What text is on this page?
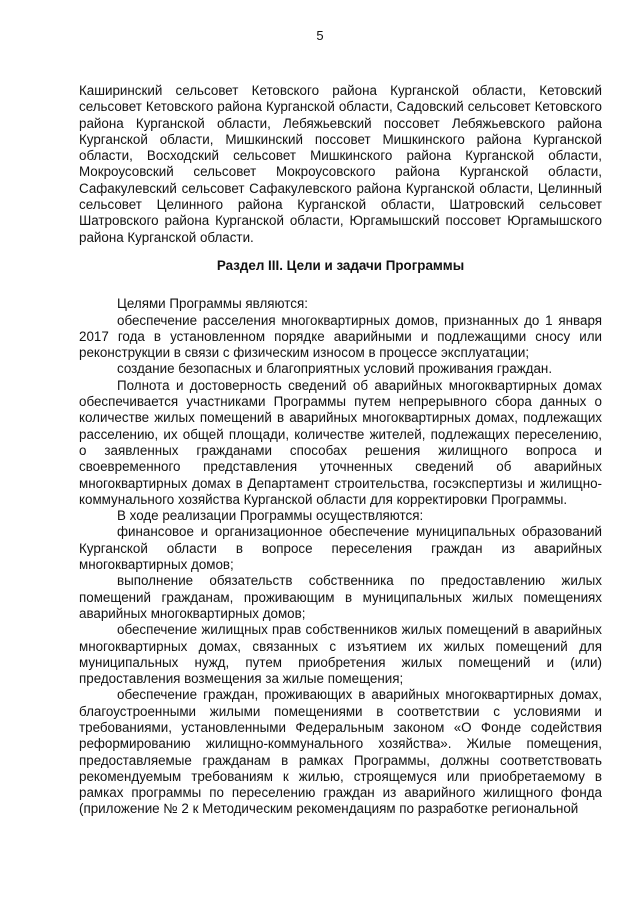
5

Каширинский сельсовет Кетовского района Курганской области, Кетовский сельсовет Кетовского района Курганской области, Садовский сельсовет Кетовского района Курганской области, Лебяжьевский поссовет Лебяжьевского района Курганской области, Мишкинский поссовет Мишкинского района Курганской области, Восходский сельсовет Мишкинского района Курганской области, Мокроусовский сельсовет Мокроусовского района Курганской области, Сафакулевский сельсовет Сафакулевского района Курганской области, Целинный сельсовет Целинного района Курганской области, Шатровский сельсовет Шатровского района Курганской области, Юргамышский поссовет Юргамышского района Курганской области.

Раздел III. Цели и задачи Программы

Целями Программы являются:

обеспечение расселения многоквартирных домов, признанных до 1 января 2017 года в установленном порядке аварийными и подлежащими сносу или реконструкции в связи с физическим износом в процессе эксплуатации;

создание безопасных и благоприятных условий проживания граждан.

Полнота и достоверность сведений об аварийных многоквартирных домах обеспечивается участниками Программы путем непрерывного сбора данных о количестве жилых помещений в аварийных многоквартирных домах, подлежащих расселению, их общей площади, количестве жителей, подлежащих переселению, о заявленных гражданами способах решения жилищного вопроса и своевременного представления уточненных сведений об аварийных многоквартирных домах в Департамент строительства, госэкспертизы и жилищно-коммунального хозяйства Курганской области для корректировки Программы.

В ходе реализации Программы осуществляются:

финансовое и организационное обеспечение муниципальных образований Курганской области в вопросе переселения граждан из аварийных многоквартирных домов;

выполнение обязательств собственника по предоставлению жилых помещений гражданам, проживающим в муниципальных жилых помещениях аварийных многоквартирных домов;

обеспечение жилищных прав собственников жилых помещений в аварийных многоквартирных домах, связанных с изъятием их жилых помещений для муниципальных нужд, путем приобретения жилых помещений и (или) предоставления возмещения за жилые помещения;

обеспечение граждан, проживающих в аварийных многоквартирных домах, благоустроенными жилыми помещениями в соответствии с условиями и требованиями, установленными Федеральным законом «О Фонде содействия реформированию жилищно-коммунального хозяйства». Жилые помещения, предоставляемые гражданам в рамках Программы, должны соответствовать рекомендуемым требованиям к жилью, строящемуся или приобретаемому в рамках программы по переселению граждан из аварийного жилищного фонда (приложение № 2 к Методическим рекомендациям по разработке региональной
